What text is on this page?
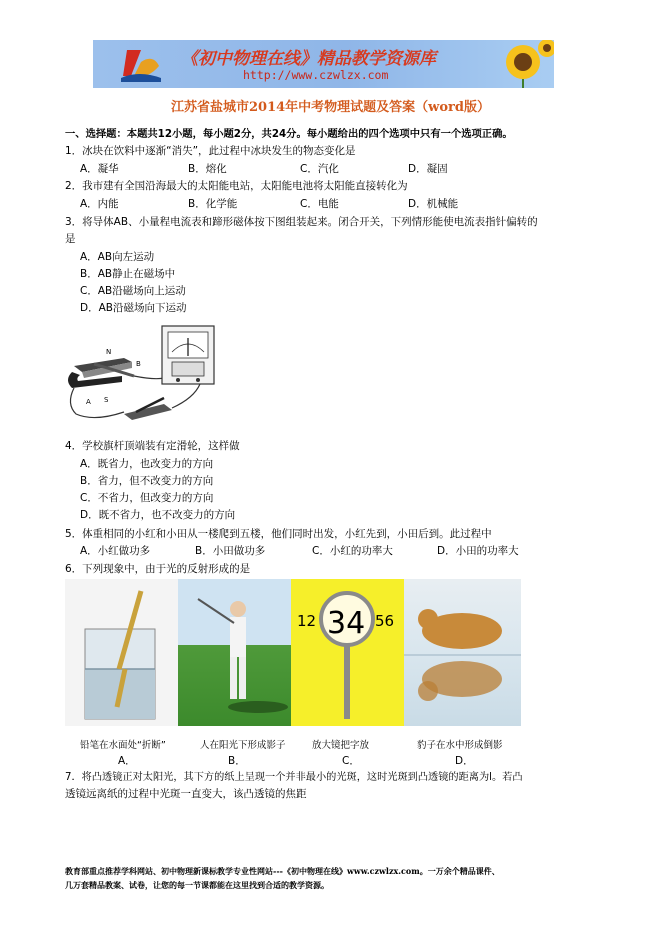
《初中物理在线》精品教学资源库
http://www.czwlzx.com
江苏省盐城市2014年中考物理试题及答案（word版）
一、选择题：本题共12小题，每小题2分，共24分。每小题给出的四个选项中只有一个选项正确。
1．冰块在饮料中逐渐“消失”，此过程中冰块发生的物态变化是
A．凝华	B．熔化	C．汽化	D．凝固
2．我市建有全国沿海最大的太阳能电站，太阳能电池将太阳能直接转化为
A．内能	B．化学能	C．电能	D．机械能
3．将导体AB、小量程电流表和蹄形磁体按下图组装起来。闭合开关，下列情形能使电流表指针偏转的
是
A．AB向左运动
B．AB静止在磁场中
C．AB沿磁场向上运动
D．AB沿磁场向下运动
N
S
B
A
4．学校旗杆顶端装有定滑轮，这样做
A．既省力，也改变力的方向
B．省力，但不改变力的方向
C．不省力，但改变力的方向
D．既不省力，也不改变力的方向
5．体重相同的小红和小田从一楼爬到五楼，他们同时出发，小红先到，小田后到。此过程中
A．小红做功多	B．小田做功多	C．小红的功率大	D．小田的功率大
6．下列现象中，由于光的反射形成的是
12 34 56
铅笔在水面处“折断”	人在阳光下形成影子	放大镜把字放	豹子在水中形成倒影
A．	B．	C．	D．
7．将凸透镜正对太阳光，其下方的纸上呈现一个并非最小的光斑，这时光斑到凸透镜的距离为l。若凸
透镜远离纸的过程中光斑一直变大，该凸透镜的焦距
教育部重点推荐学科网站、初中物理新课标教学专业性网站---《初中物理在线》www.czwlzx.com。一万余个精品课件、
几万套精品教案、试卷，让您的每一节课都能在这里找到合适的教学资源。
